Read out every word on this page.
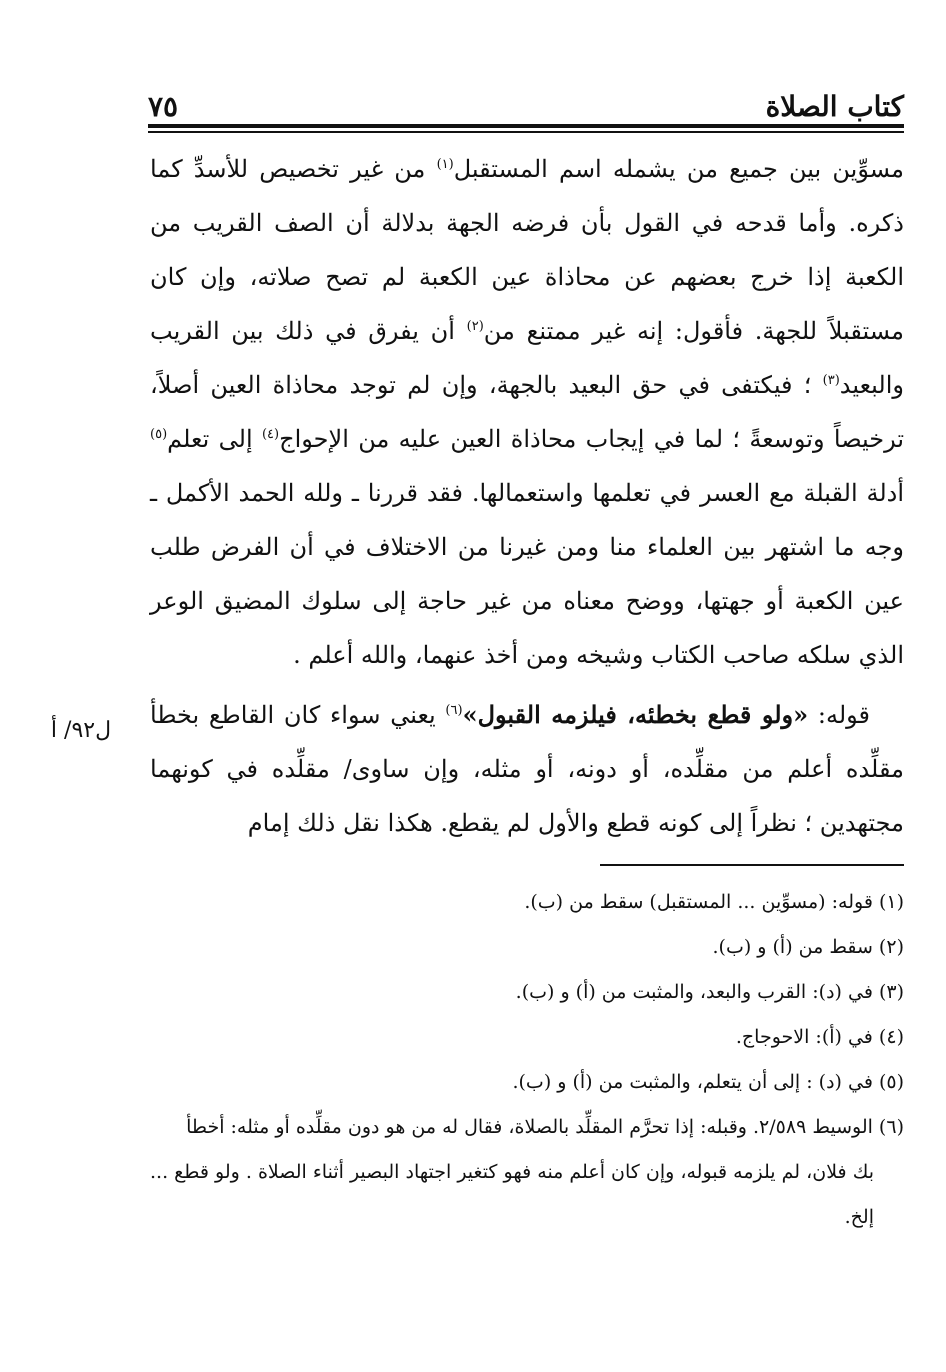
كتاب الصلاة
٧٥

مسوِّين بين جميع من يشمله اسم المستقبل$^{(١)}$ من غير تخصيص للأسدِّ كما ذكره. وأما قدحه في القول بأن فرضه الجهة بدلالة أن الصف القريب من الكعبة إذا خرج بعضهم عن محاذاة عين الكعبة لم تصح صلاته، وإن كان مستقبلاً للجهة. فأقول: إنه غير ممتنع من$^{(٢)}$ أن يفرق في ذلك بين القريب والبعيد$^{(٣)}$ ؛ فيكتفى في حق البعيد بالجهة، وإن لم توجد محاذاة العين أصلاً، ترخيصاً وتوسعةً ؛ لما في إيجاب محاذاة العين عليه من الإحواج$^{(٤)}$ إلى تعلم$^{(٥)}$ أدلة القبلة مع العسر في تعلمها واستعمالها. فقد قررنا ـ ولله الحمد الأكمل ـ وجه ما اشتهر بين العلماء منا ومن غيرنا من الاختلاف في أن الفرض طلب عين الكعبة أو جهتها، ووضح معناه من غير حاجة إلى سلوك المضيق الوعر الذي سلكه صاحب الكتاب وشيخه ومن أخذ عنهما، والله أعلم .

قوله: «ولو قطع بخطئه، فيلزمه القبول»$^{(٦)}$ يعني سواء كان القاطع بخطأ مقلِّده أعلم من مقلِّده، أو دونه، أو مثله، وإن ساوى/ مقلِّده في كونهما مجتهدين ؛ نظراً إلى كونه قطع والأول لم يقطع. هكذا نقل ذلك إمام

ل٩٢/ أ

(١) قوله: (مسوِّين ... المستقبل) سقط من (ب).

(٢) سقط من (أ) و (ب).

(٣) في (د): القرب والبعد، والمثبت من (أ) و (ب).

(٤) في (أ): الاحوجاج.

(٥) في (د) : إلى أن يتعلم، والمثبت من (أ) و (ب).

(٦) الوسيط ٢/٥٨٩. وقبله: إذا تحرَّم المقلِّد بالصلاة، فقال له من هو دون مقلِّده أو مثله: أخطأ
بك فلان، لم يلزمه قبوله، وإن كان أعلم منه فهو كتغير اجتهاد البصير أثناء الصلاة . ولو قطع ... إلخ.
